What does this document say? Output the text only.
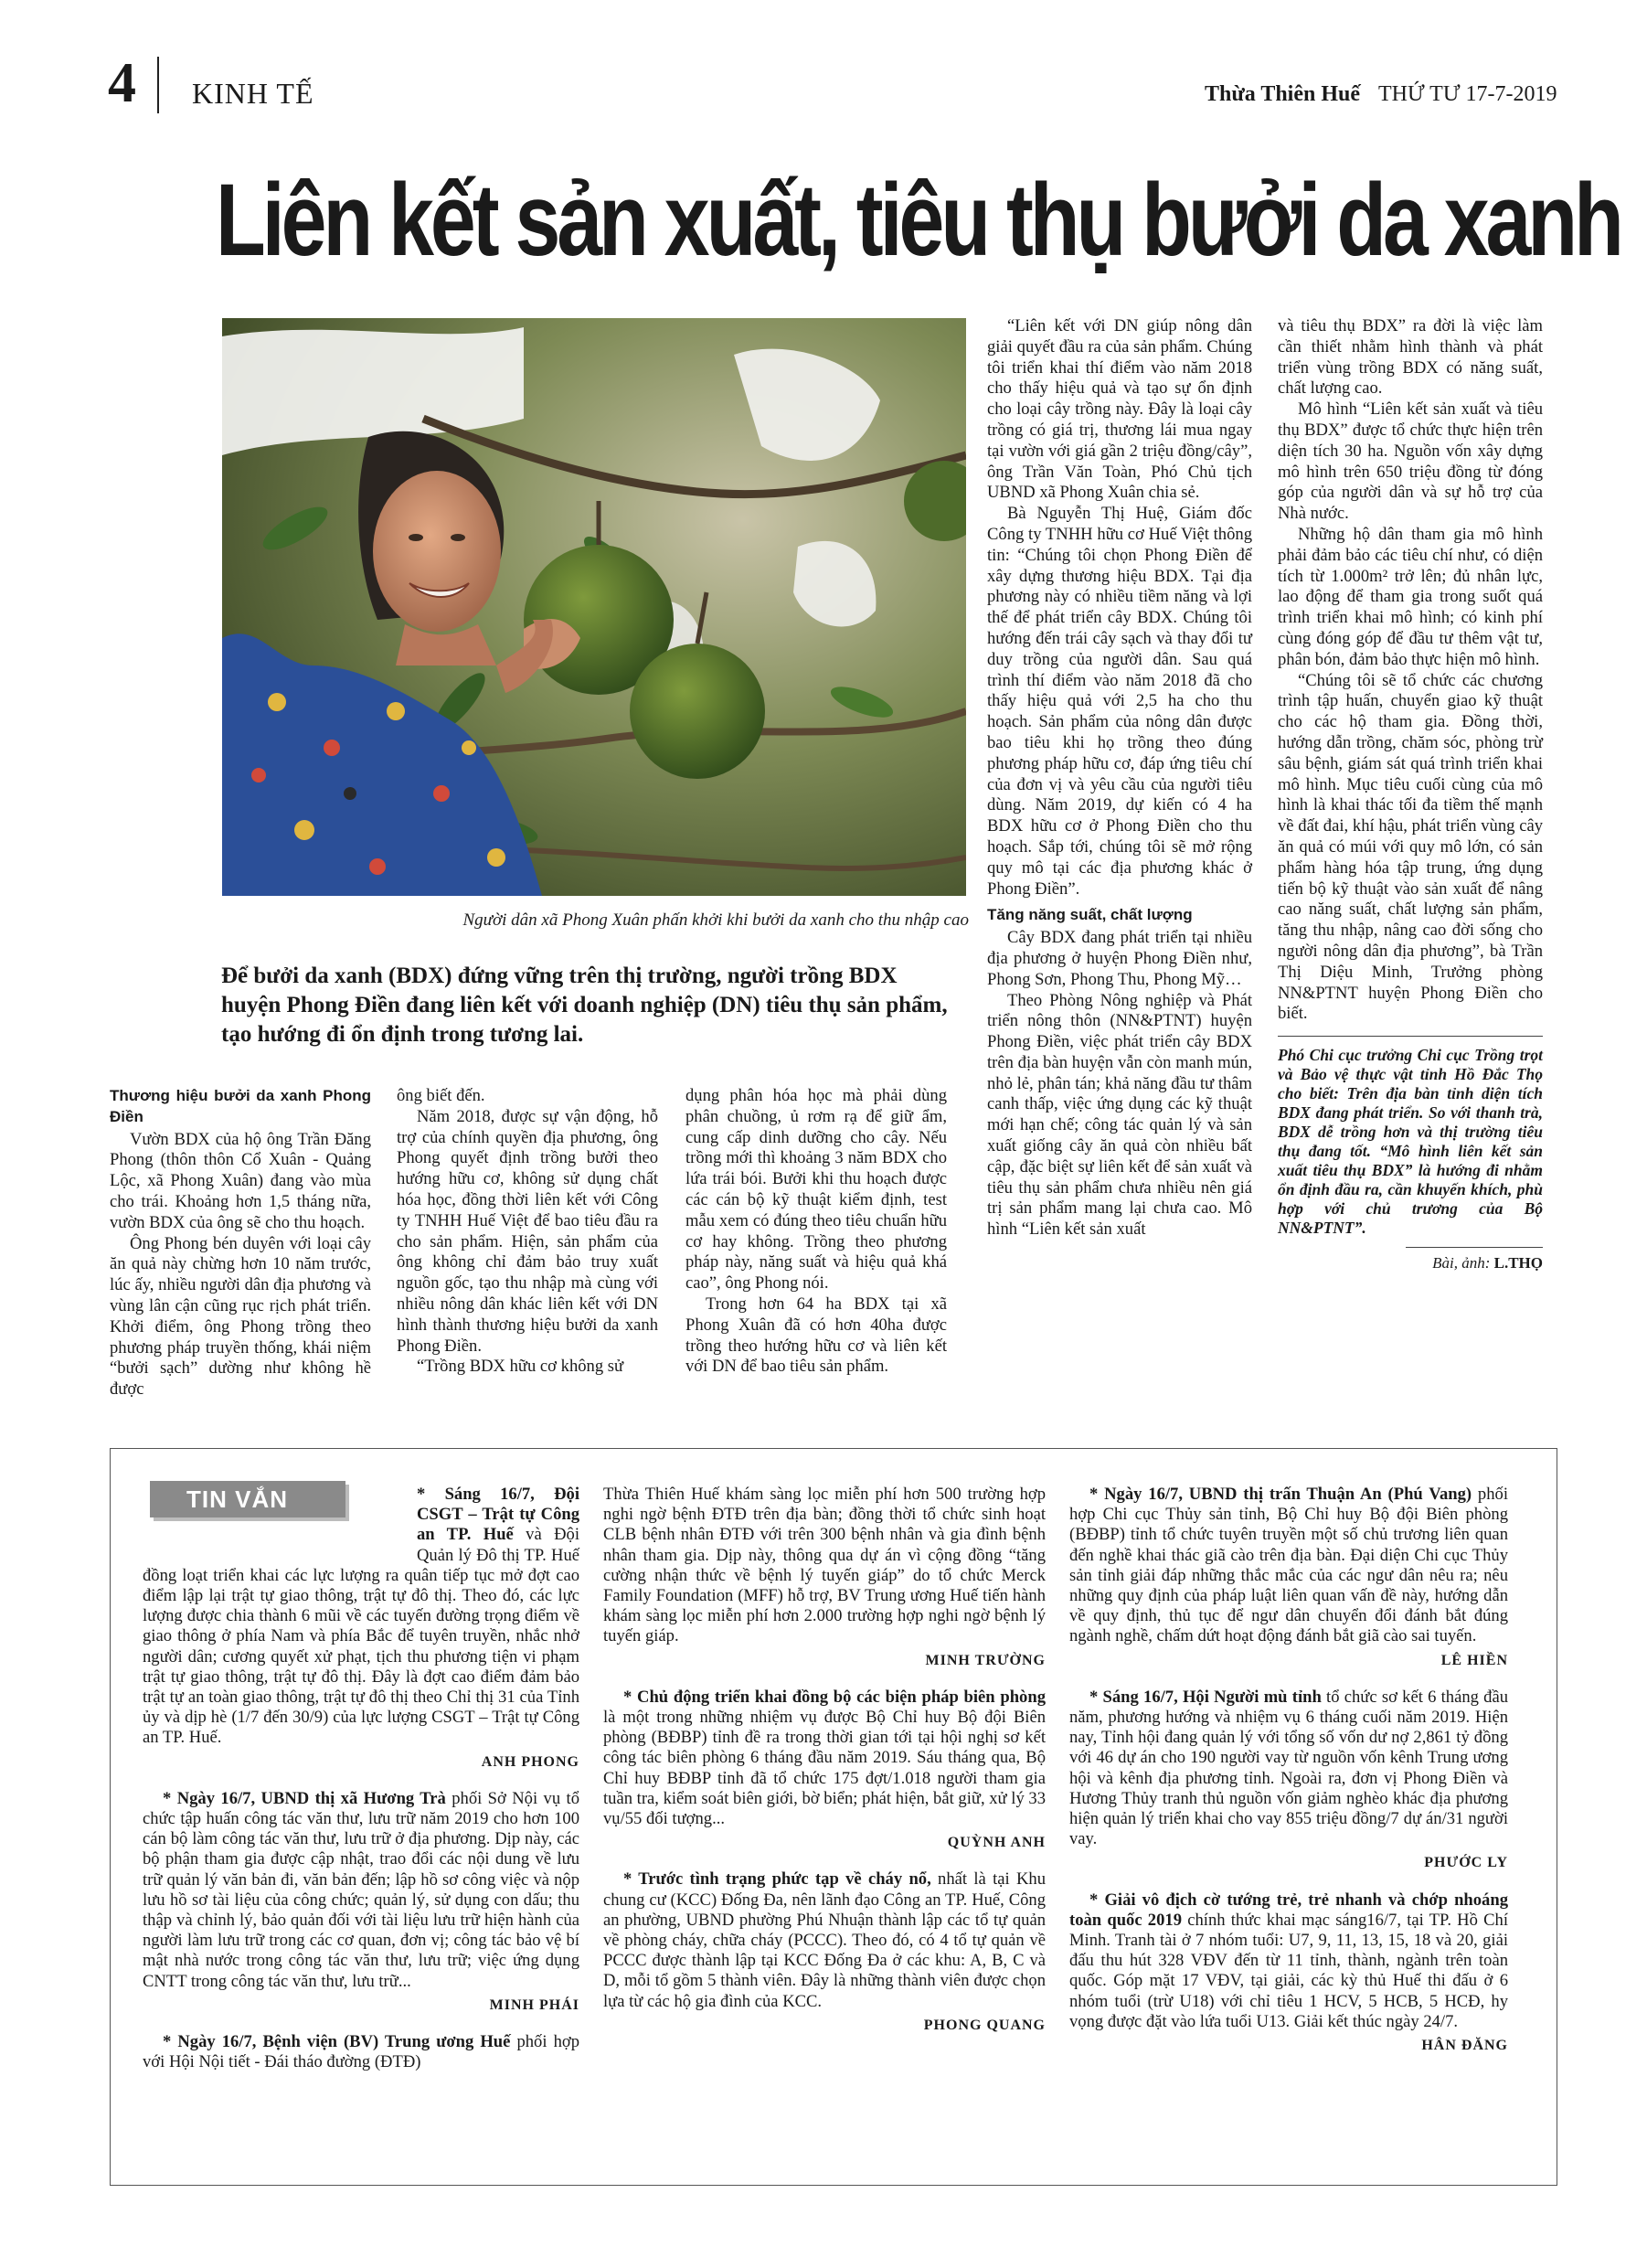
4 KINH TẾ	Thừa Thiên Huế THỨ TƯ 17-7-2019
Liên kết sản xuất, tiêu thụ bưởi da xanh
Người dân xã Phong Xuân phấn khởi khi bưởi da xanh cho thu nhập cao
Để bưởi da xanh (BDX) đứng vững trên thị trường, người trồng BDX huyện Phong Điền đang liên kết với doanh nghiệp (DN) tiêu thụ sản phẩm, tạo hướng đi ổn định trong tương lai.
Thương hiệu bưởi da xanh Phong Điền

Vườn BDX của hộ ông Trần Đăng Phong (thôn thôn Cổ Xuân - Quảng Lộc, xã Phong Xuân) đang vào mùa cho trái. Khoảng hơn 1,5 tháng nữa, vườn BDX của ông sẽ cho thu hoạch.

Ông Phong bén duyên với loại cây ăn quả này chừng hơn 10 năm trước, lúc ấy, nhiều người dân địa phương và vùng lân cận cũng rục rịch phát triển. Khởi điểm, ông Phong trồng theo phương pháp truyền thống, khái niệm “bưởi sạch” dường như không hề được

ông biết đến.

Năm 2018, được sự vận động, hỗ trợ của chính quyền địa phương, ông Phong quyết định trồng bưởi theo hướng hữu cơ, không sử dụng chất hóa học, đồng thời liên kết với Công ty TNHH Huế Việt để bao tiêu đầu ra cho sản phẩm. Hiện, sản phẩm của ông không chỉ đảm bảo truy xuất nguồn gốc, tạo thu nhập mà cùng với nhiều nông dân khác liên kết với DN hình thành thương hiệu bưởi da xanh Phong Điền.

“Trồng BDX hữu cơ không sử

dụng phân hóa học mà phải dùng phân chuồng, ủ rơm rạ để giữ ẩm, cung cấp dinh dưỡng cho cây. Nếu trồng mới thì khoảng 3 năm BDX cho lứa trái bói. Bưởi khi thu hoạch được các cán bộ kỹ thuật kiểm định, test mẫu xem có đúng theo tiêu chuẩn hữu cơ hay không. Trồng theo phương pháp này, năng suất và hiệu quả khá cao”, ông Phong nói.

Trong hơn 64 ha BDX tại xã Phong Xuân đã có hơn 40ha được trồng theo hướng hữu cơ và liên kết với DN để bao tiêu sản phẩm.

“Liên kết với DN giúp nông dân giải quyết đầu ra của sản phẩm. Chúng tôi triển khai thí điểm vào năm 2018 cho thấy hiệu quả và tạo sự ổn định cho loại cây trồng này. Đây là loại cây trồng có giá trị, thương lái mua ngay tại vườn với giá gần 2 triệu đồng/cây”, ông Trần Văn Toàn, Phó Chủ tịch UBND xã Phong Xuân chia sẻ.

Bà Nguyễn Thị Huệ, Giám đốc Công ty TNHH hữu cơ Huế Việt thông tin: “Chúng tôi chọn Phong Điền để xây dựng thương hiệu BDX. Tại địa phương này có nhiều tiềm năng và lợi thế để phát triển cây BDX. Chúng tôi hướng đến trái cây sạch và thay đổi tư duy trồng của người dân. Sau quá trình thí điểm vào năm 2018 đã cho thấy hiệu quả với 2,5 ha cho thu hoạch. Sản phẩm của nông dân được bao tiêu khi họ trồng theo đúng phương pháp hữu cơ, đáp ứng tiêu chí của đơn vị và yêu cầu của người tiêu dùng. Năm 2019, dự kiến có 4 ha BDX hữu cơ ở Phong Điền cho thu hoạch. Sắp tới, chúng tôi sẽ mở rộng quy mô tại các địa phương khác ở Phong Điền”.

Tăng năng suất, chất lượng

Cây BDX đang phát triển tại nhiều địa phương ở huyện Phong Điền như, Phong Sơn, Phong Thu, Phong Mỹ…

Theo Phòng Nông nghiệp và Phát triển nông thôn (NN&PTNT) huyện Phong Điền, việc phát triển cây BDX trên địa bàn huyện vẫn còn manh mún, nhỏ lẻ, phân tán; khả năng đầu tư thâm canh thấp, việc ứng dụng các kỹ thuật mới hạn chế; công tác quản lý và sản xuất giống cây ăn quả còn nhiều bất cập, đặc biệt sự liên kết để sản xuất và tiêu thụ sản phẩm chưa nhiều nên giá trị sản phẩm mang lại chưa cao. Mô hình “Liên kết sản xuất

và tiêu thụ BDX” ra đời là việc làm cần thiết nhằm hình thành và phát triển vùng trồng BDX có năng suất, chất lượng cao.

Mô hình “Liên kết sản xuất và tiêu thụ BDX” được tổ chức thực hiện trên diện tích 30 ha. Nguồn vốn xây dựng mô hình trên 650 triệu đồng từ đóng góp của người dân và sự hỗ trợ của Nhà nước.

Những hộ dân tham gia mô hình phải đảm bảo các tiêu chí như, có diện tích từ 1.000m² trở lên; đủ nhân lực, lao động để tham gia trong suốt quá trình triển khai mô hình; có kinh phí cùng đóng góp để đầu tư thêm vật tư, phân bón, đảm bảo thực hiện mô hình.

“Chúng tôi sẽ tổ chức các chương trình tập huấn, chuyển giao kỹ thuật cho các hộ tham gia. Đồng thời, hướng dẫn trồng, chăm sóc, phòng trừ sâu bệnh, giám sát quá trình triển khai mô hình. Mục tiêu cuối cùng của mô hình là khai thác tối đa tiềm thế mạnh về đất đai, khí hậu, phát triển vùng cây ăn quả có múi với quy mô lớn, có sản phẩm hàng hóa tập trung, ứng dụng tiến bộ kỹ thuật vào sản xuất để nâng cao năng suất, chất lượng sản phẩm, tăng thu nhập, nâng cao đời sống cho người nông dân địa phương”, bà Trần Thị Diệu Minh, Trưởng phòng NN&PTNT huyện Phong Điền cho biết.

Phó Chi cục trưởng Chi cục Trồng trọt và Bảo vệ thực vật tỉnh Hồ Đắc Thọ cho biết: Trên địa bàn tỉnh diện tích BDX đang phát triển. So với thanh trà, BDX dễ trồng hơn và thị trường tiêu thụ đang tốt. “Mô hình liên kết sản xuất tiêu thụ BDX” là hướng đi nhằm ổn định đầu ra, cần khuyến khích, phù hợp với chủ trương của Bộ NN&PTNT”.
Bài, ảnh: L.THỌ
TIN VẮN	* Sáng 16/7, Đội CSGT – Trật tự Công an TP. Huế và Đội Quản lý Đô thị TP. Huế đồng loạt triển khai các lực lượng ra quân tiếp tục mở đợt cao điểm lập lại trật tự giao thông, trật tự đô thị. Theo đó, các lực lượng được chia thành 6 mũi về các tuyến đường trọng điểm về giao thông ở phía Nam và phía Bắc để tuyên truyền, nhắc nhở người dân; cương quyết xử phạt, tịch thu phương tiện vi phạm trật tự giao thông, trật tự đô thị. Đây là đợt cao điểm đảm bảo trật tự an toàn giao thông, trật tự đô thị theo Chỉ thị 31 của Tỉnh ủy và dịp hè (1/7 đến 30/9) của lực lượng CSGT – Trật tự Công an TP. Huế.

ANH PHONG

* Ngày 16/7, UBND thị xã Hương Trà phối Sở Nội vụ tổ chức tập huấn công tác văn thư, lưu trữ năm 2019 cho hơn 100 cán bộ làm công tác văn thư, lưu trữ ở địa phương. Dịp này, các bộ phận tham gia được cập nhật, trao đổi các nội dung về lưu trữ quản lý văn bản đi, văn bản đến; lập hồ sơ công việc và nộp lưu hồ sơ tài liệu của công chức; quản lý, sử dụng con dấu; thu thập và chỉnh lý, bảo quản đối với tài liệu lưu trữ hiện hành của người làm lưu trữ trong các cơ quan, đơn vị; công tác bảo vệ bí mật nhà nước trong công tác văn thư, lưu trữ; việc ứng dụng CNTT trong công tác văn thư, lưu trữ...

MINH PHÁI

* Ngày 16/7, Bệnh viện (BV) Trung ương Huế phối hợp với Hội Nội tiết - Đái tháo đường (ĐTĐ)

Thừa Thiên Huế khám sàng lọc miễn phí hơn 500 trường hợp nghi ngờ bệnh ĐTĐ trên địa bàn; đồng thời tổ chức sinh hoạt CLB bệnh nhân ĐTĐ với trên 300 bệnh nhân và gia đình bệnh nhân tham gia. Dịp này, thông qua dự án vì cộng đồng “tăng cường nhận thức về bệnh lý tuyến giáp” do tổ chức Merck Family Foundation (MFF) hỗ trợ, BV Trung ương Huế tiến hành khám sàng lọc miễn phí hơn 2.000 trường hợp nghi ngờ bệnh lý tuyến giáp.

MINH TRƯỜNG

* Chủ động triển khai đồng bộ các biện pháp biên phòng là một trong những nhiệm vụ được Bộ Chỉ huy Bộ đội Biên phòng (BĐBP) tỉnh đề ra trong thời gian tới tại hội nghị sơ kết công tác biên phòng 6 tháng đầu năm 2019. Sáu tháng qua, Bộ Chỉ huy BĐBP tỉnh đã tổ chức 175 đợt/1.018 người tham gia tuần tra, kiểm soát biên giới, bờ biển; phát hiện, bắt giữ, xử lý 33 vụ/55 đối tượng...

QUỲNH ANH

* Trước tình trạng phức tạp về cháy nổ, nhất là tại Khu chung cư (KCC) Đống Đa, nên lãnh đạo Công an TP. Huế, Công an phường, UBND phường Phú Nhuận thành lập các tổ tự quản về phòng cháy, chữa cháy (PCCC). Theo đó, có 4 tổ tự quản về PCCC được thành lập tại KCC Đống Đa ở các khu: A, B, C và D, mỗi tổ gồm 5 thành viên. Đây là những thành viên được chọn lựa từ các hộ gia đình của KCC.

PHONG QUANG

* Ngày 16/7, UBND thị trấn Thuận An (Phú Vang) phối hợp Chi cục Thủy sản tỉnh, Bộ Chỉ huy Bộ đội Biên phòng (BĐBP) tỉnh tổ chức tuyên truyền một số chủ trương liên quan đến nghề khai thác giã cào trên địa bàn. Đại diện Chi cục Thủy sản tỉnh giải đáp những thắc mắc của các ngư dân nêu ra; nêu những quy định của pháp luật liên quan vấn đề này, hướng dẫn về quy định, thủ tục để ngư dân chuyển đổi đánh bắt đúng ngành nghề, chấm dứt hoạt động đánh bắt giã cào sai tuyến.

LÊ HIỀN

* Sáng 16/7, Hội Người mù tỉnh tổ chức sơ kết 6 tháng đầu năm, phương hướng và nhiệm vụ 6 tháng cuối năm 2019. Hiện nay, Tỉnh hội đang quản lý với tổng số vốn dư nợ 2,861 tỷ đồng với 46 dự án cho 190 người vay từ nguồn vốn kênh Trung ương hội và kênh địa phương tỉnh. Ngoài ra, đơn vị Phong Điền và Hương Thủy tranh thủ nguồn vốn giảm nghèo khác địa phương hiện quản lý triển khai cho vay 855 triệu đồng/7 dự án/31 người vay.

PHƯỚC LY

* Giải vô địch cờ tướng trẻ, trẻ nhanh và chớp nhoáng toàn quốc 2019 chính thức khai mạc sáng16/7, tại TP. Hồ Chí Minh. Tranh tài ở 7 nhóm tuổi: U7, 9, 11, 13, 15, 18 và 20, giải đấu thu hút 328 VĐV đến từ 11 tỉnh, thành, ngành trên toàn quốc. Góp mặt 17 VĐV, tại giải, các kỳ thủ Huế thi đấu ở 6 nhóm tuổi (trừ U18) với chỉ tiêu 1 HCV, 5 HCB, 5 HCĐ, hy vọng được đặt vào lứa tuổi U13. Giải kết thúc ngày 24/7.

HÂN ĐĂNG
